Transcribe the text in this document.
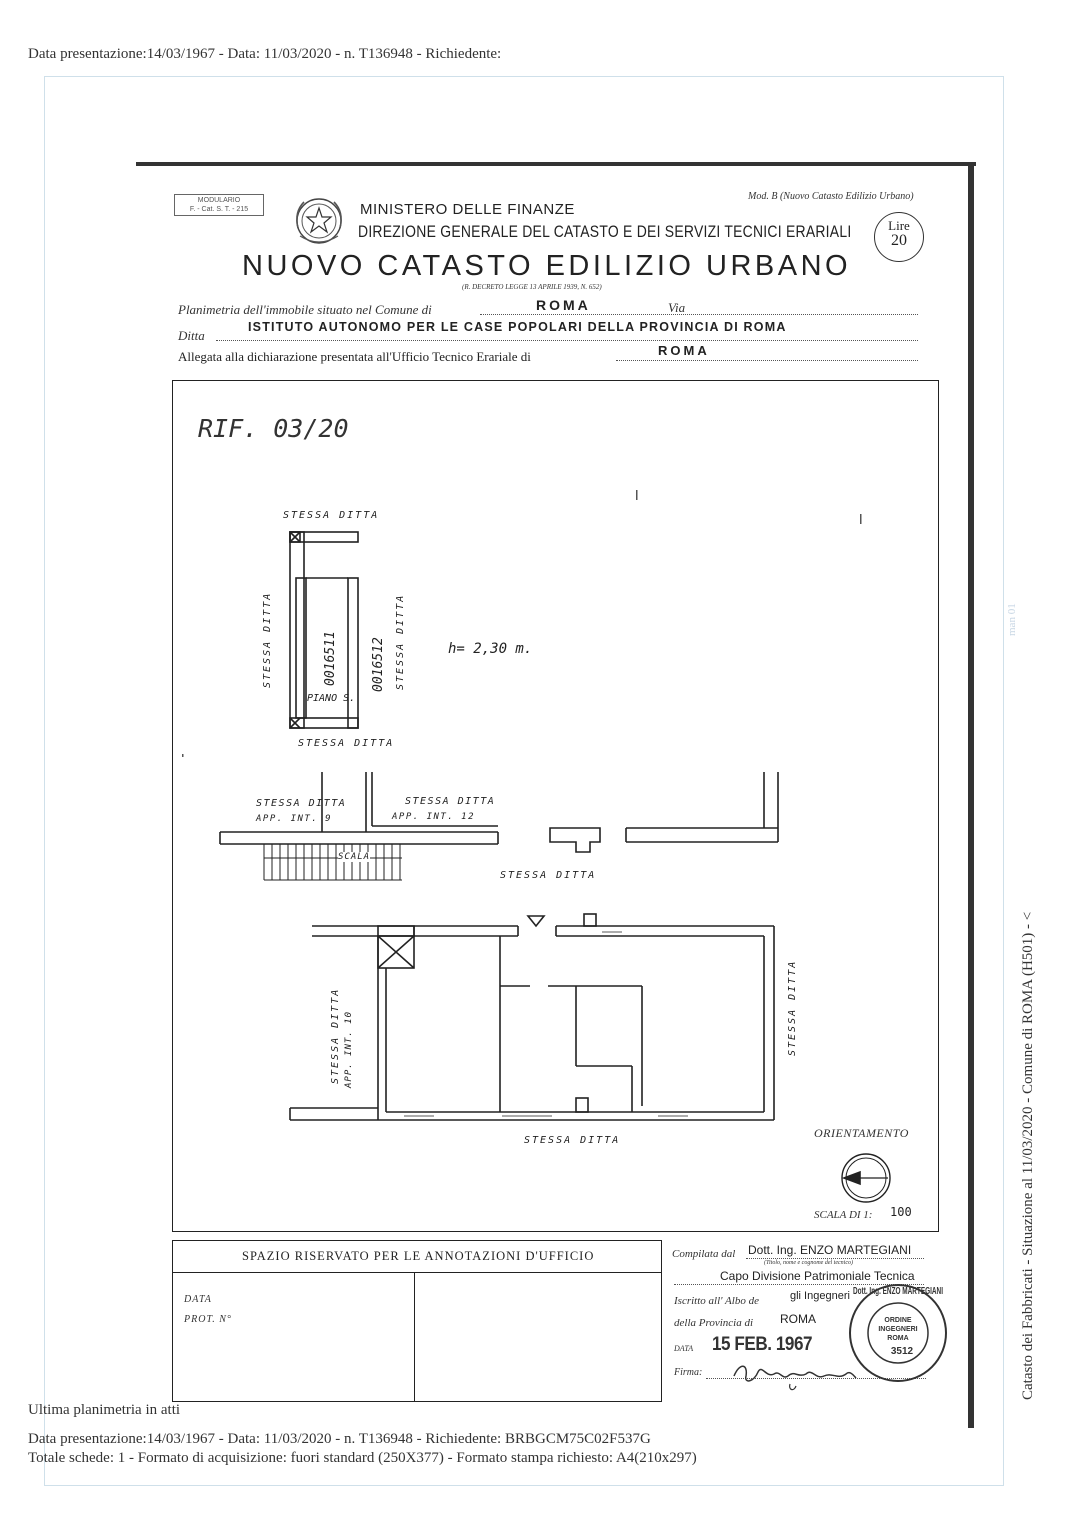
Data presentazione:14/03/1967 - Data: 11/03/2020 - n. T136948 - Richiedente:
Catasto dei Fabbricati - Situazione al 11/03/2020 - Comune di ROMA (H501) - <
man 01
MODULARIO
F. - Cat. S. T. - 215	MINISTERO DELLE FINANZE
DIREZIONE GENERALE DEL CATASTO E DEI SERVIZI TECNICI ERARIALI
Mod. B (Nuovo Catasto Edilizio Urbano)
Lire
20
NUOVO CATASTO EDILIZIO URBANO
(R. DECRETO LEGGE 13 APRILE 1939, N. 652)
Planimetria dell'immobile situato nel Comune di	ROMA	Via
Ditta
ISTITUTO AUTONOMO PER LE CASE POPOLARI DELLA PROVINCIA DI ROMA
Allegata alla dichiarazione presentata all'Ufficio Tecnico Erariale di	ROMA
RIF. 03/20
STESSA DITTA
STESSA DITTA	STESSA DITTA
0016511	0016512
PIANO S.
h= 2,30 m.
STESSA DITTA
STESSA DITTA
APP. INT. 9
STESSA DITTA
APP. INT. 12
SCALA
STESSA DITTA
STESSA DITTA APP. INT. 10	STESSA DITTA
STESSA DITTA
ORIENTAMENTO
SCALA DI 1: 100
SPAZIO RISERVATO PER LE ANNOTAZIONI D'UFFICIO
DATA
PROT. N°
Compilata dal Dott. Ing. ENZO MARTEGIANI
(Titolo, nome e cognome del tecnico)
Capo Divisione Patrimoniale Tecnica
Iscritto all' Albo de	gli Ingegneri
della Provincia di ROMA
DATA 15 FEB. 1967
Firma:
Dott. Ing. ENZO MARTEGIANI
ORDINE
INGEGNERI
ROMA
3512
Ultima planimetria in atti
Data presentazione:14/03/1967 - Data: 11/03/2020 - n. T136948 - Richiedente: BRBGCM75C02F537G
Totale schede: 1 - Formato di acquisizione: fuori standard (250X377) - Formato stampa richiesto: A4(210x297)
